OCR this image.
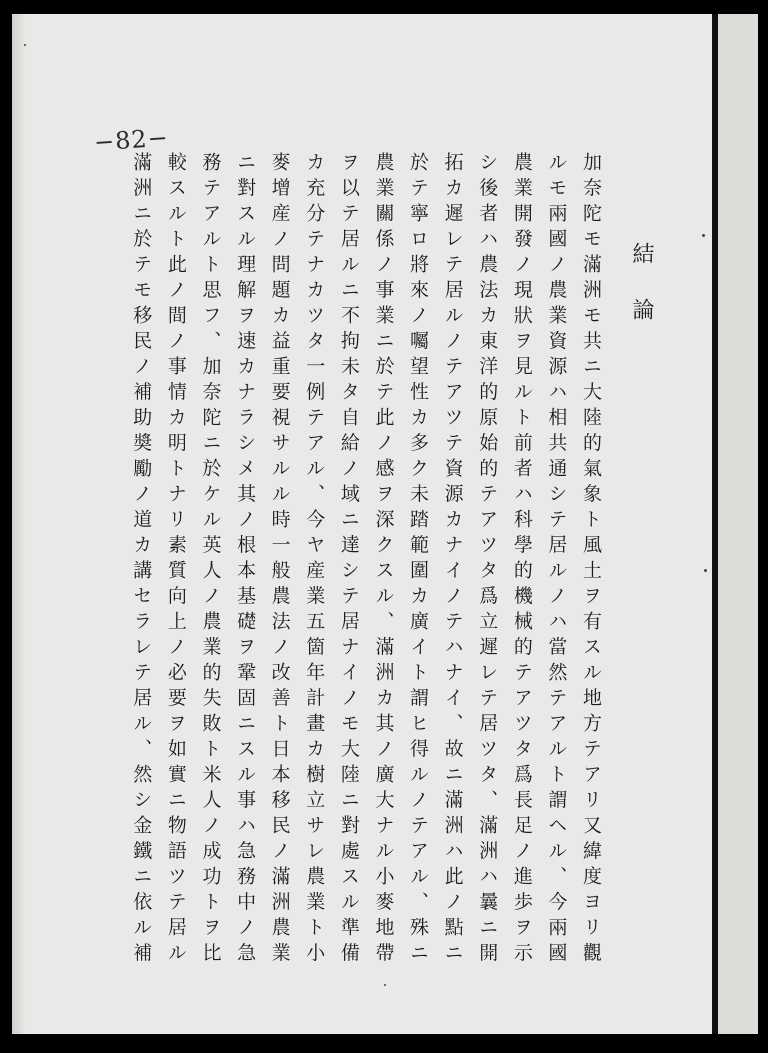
−82−
結論
加奈陀モ滿洲モ共ニ大陸的氣象ト風土ヲ有スル地方テアリ又緯度ヨリ觀
ルモ兩國ノ農業資源ハ相共通シテ居ルノハ當然テアルト謂ヘル、今兩國
農業開發ノ現狀ヲ見ルト前者ハ科學的機械的テアツタ爲長足ノ進歩ヲ示
シ後者ハ農法カ東洋的原始的テアツタ爲立遲レテ居ツタ、滿洲ハ曩ニ開
拓カ遲レテ居ルノテアツテ資源カナイノテハナイ、故ニ滿洲ハ此ノ點ニ
於テ寧ロ將來ノ囑望性カ多ク未踏範圍カ廣イト謂ヒ得ルノテアル、殊ニ
農業關係ノ事業ニ於テ此ノ感ヲ深クスル、滿洲カ其ノ廣大ナル小麥地帶
ヲ以テ居ルニ不拘未タ自給ノ域ニ達シテ居ナイノモ大陸ニ對處スル準備
カ充分テナカツタ一例テアル、今ヤ産業五箇年計畫カ樹立サレ農業ト小
麥增産ノ問題カ益重要視サルル時一般農法ノ改善ト日本移民ノ滿洲農業
ニ對スル理解ヲ速カナラシメ其ノ根本基礎ヲ鞏固ニスル事ハ急務中ノ急
務テアルト思フ、加奈陀ニ於ケル英人ノ農業的失敗ト米人ノ成功トヲ比
較スルト此ノ間ノ事情カ明トナリ素質向上ノ必要ヲ如實ニ物語ツテ居ル
滿洲ニ於テモ移民ノ補助奬勵ノ道カ講セラレテ居ル、然シ金鐵ニ依ル補
